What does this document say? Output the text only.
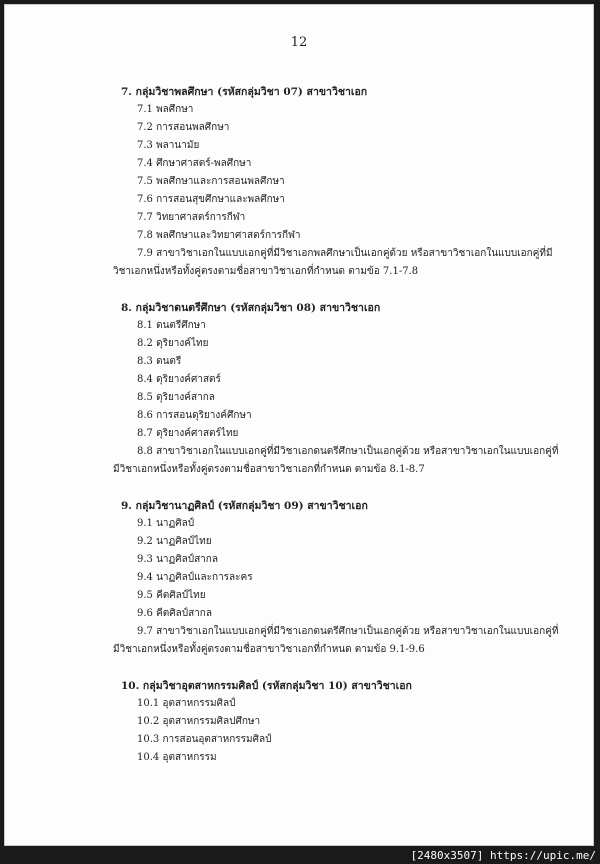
12
7. กลุ่มวิชาพลศึกษา (รหัสกลุ่มวิชา 07) สาขาวิชาเอก
7.1 พลศึกษา
7.2 การสอนพลศึกษา
7.3 พลานามัย
7.4 ศึกษาศาสตร์-พลศึกษา
7.5 พลศึกษาและการสอนพลศึกษา
7.6 การสอนสุขศึกษาและพลศึกษา
7.7 วิทยาศาสตร์การกีฬา
7.8 พลศึกษาและวิทยาศาสตร์การกีฬา
7.9 สาขาวิชาเอกในแบบเอกคู่ที่มีวิชาเอกพลศึกษาเป็นเอกคู่ด้วย หรือสาขาวิชาเอกในแบบเอกคู่ที่มี
วิชาเอกหนึ่งหรือทั้งคู่ตรงตามชื่อสาขาวิชาเอกที่กำหนด ตามข้อ 7.1-7.8
8. กลุ่มวิชาดนตรีศึกษา (รหัสกลุ่มวิชา 08) สาขาวิชาเอก
8.1 ดนตรีศึกษา
8.2 ดุริยางค์ไทย
8.3 ดนตรี
8.4 ดุริยางค์ศาสตร์
8.5 ดุริยางค์สากล
8.6 การสอนดุริยางค์ศึกษา
8.7 ดุริยางค์ศาสตร์ไทย
8.8 สาขาวิชาเอกในแบบเอกคู่ที่มีวิชาเอกดนตรีศึกษาเป็นเอกคู่ด้วย หรือสาขาวิชาเอกในแบบเอกคู่ที่
มีวิชาเอกหนึ่งหรือทั้งคู่ตรงตามชื่อสาขาวิชาเอกที่กำหนด ตามข้อ 8.1-8.7
9. กลุ่มวิชานาฏศิลป์ (รหัสกลุ่มวิชา 09) สาขาวิชาเอก
9.1 นาฏศิลป์
9.2 นาฏศิลป์ไทย
9.3 นาฏศิลป์สากล
9.4 นาฏศิลป์และการละคร
9.5 คีตศิลป์ไทย
9.6 คีตศิลป์สากล
9.7 สาขาวิชาเอกในแบบเอกคู่ที่มีวิชาเอกดนตรีศึกษาเป็นเอกคู่ด้วย หรือสาขาวิชาเอกในแบบเอกคู่ที่
มีวิชาเอกหนึ่งหรือทั้งคู่ตรงตามชื่อสาขาวิชาเอกที่กำหนด ตามข้อ 9.1-9.6
10. กลุ่มวิชาอุตสาหกรรมศิลป์ (รหัสกลุ่มวิชา 10) สาขาวิชาเอก
10.1 อุตสาหกรรมศิลป์
10.2 อุตสาหกรรมศิลปศึกษา
10.3 การสอนอุตสาหกรรมศิลป์
10.4 อุตสาหกรรม
[2480x3507] https://upic.me/
